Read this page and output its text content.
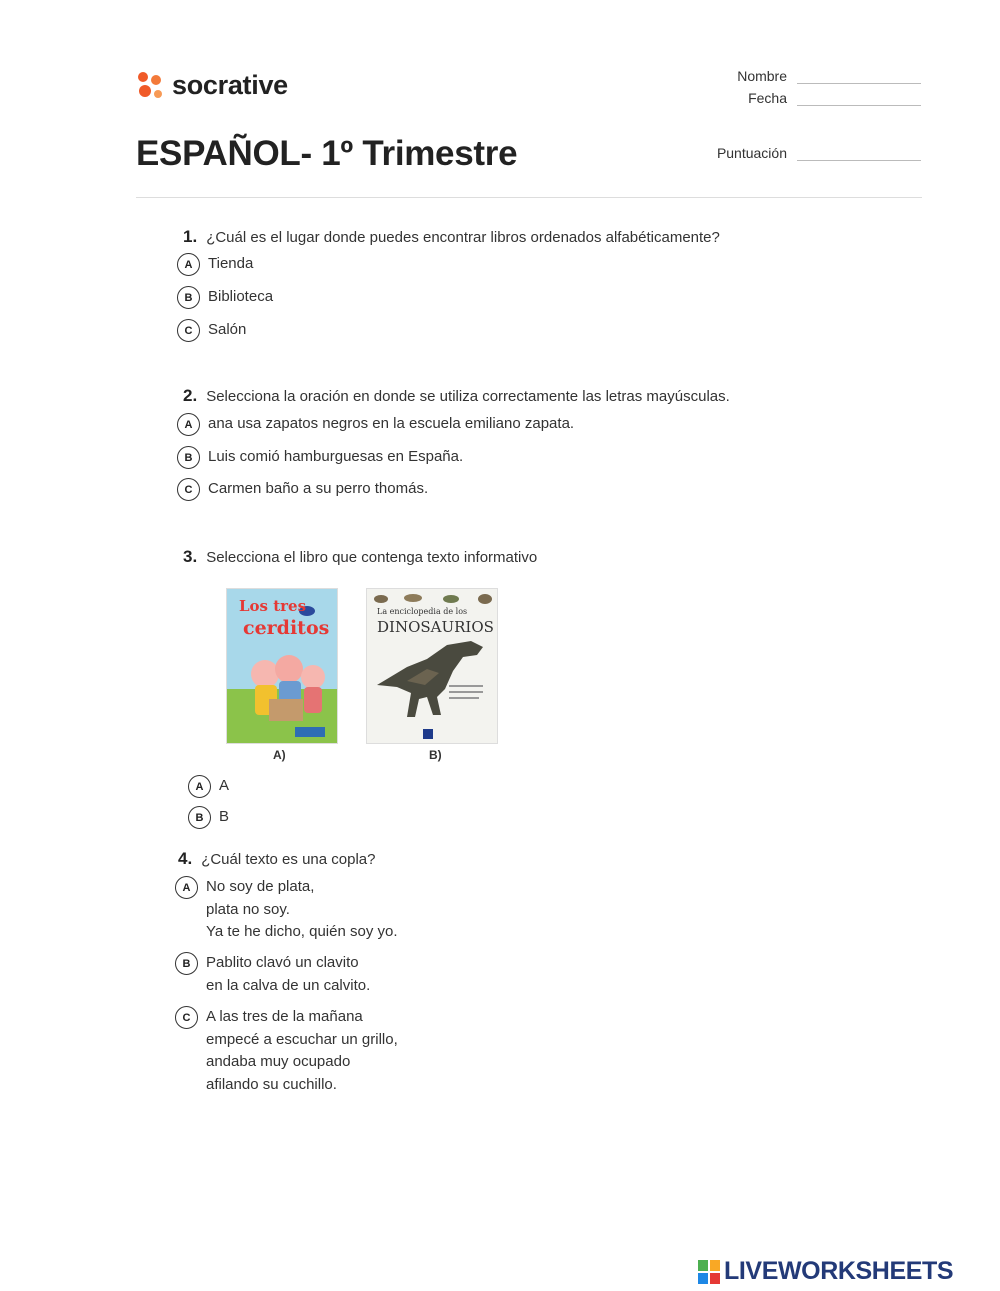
socrative
ESPAÑOL- 1º Trimestre
Nombre
Fecha
Puntuación
1. ¿Cuál es el lugar donde puedes encontrar libros ordenados alfabéticamente?
A	Tienda
B	Biblioteca
C	Salón
2. Selecciona la oración en donde se utiliza correctamente las letras mayúsculas.
A	ana usa zapatos negros en la escuela emiliano zapata.
B	Luis comió hamburguesas en España.
C	Carmen baño a su perro thomás.
3. Selecciona el libro que contenga texto informativo
Los tres
cerditos
A)
La enciclopedia de los
DINOSAURIOS
B)
A	A
B	B
4. ¿Cuál texto es una copla?
A	No soy de plata,
plata no soy.
Ya te he dicho, quién soy yo.
B	Pablito clavó un clavito
en la calva de un calvito.
C	A las tres de la mañana
empecé a escuchar un grillo,
andaba muy ocupado
afilando su cuchillo.
LIVEWORKSHEETS
